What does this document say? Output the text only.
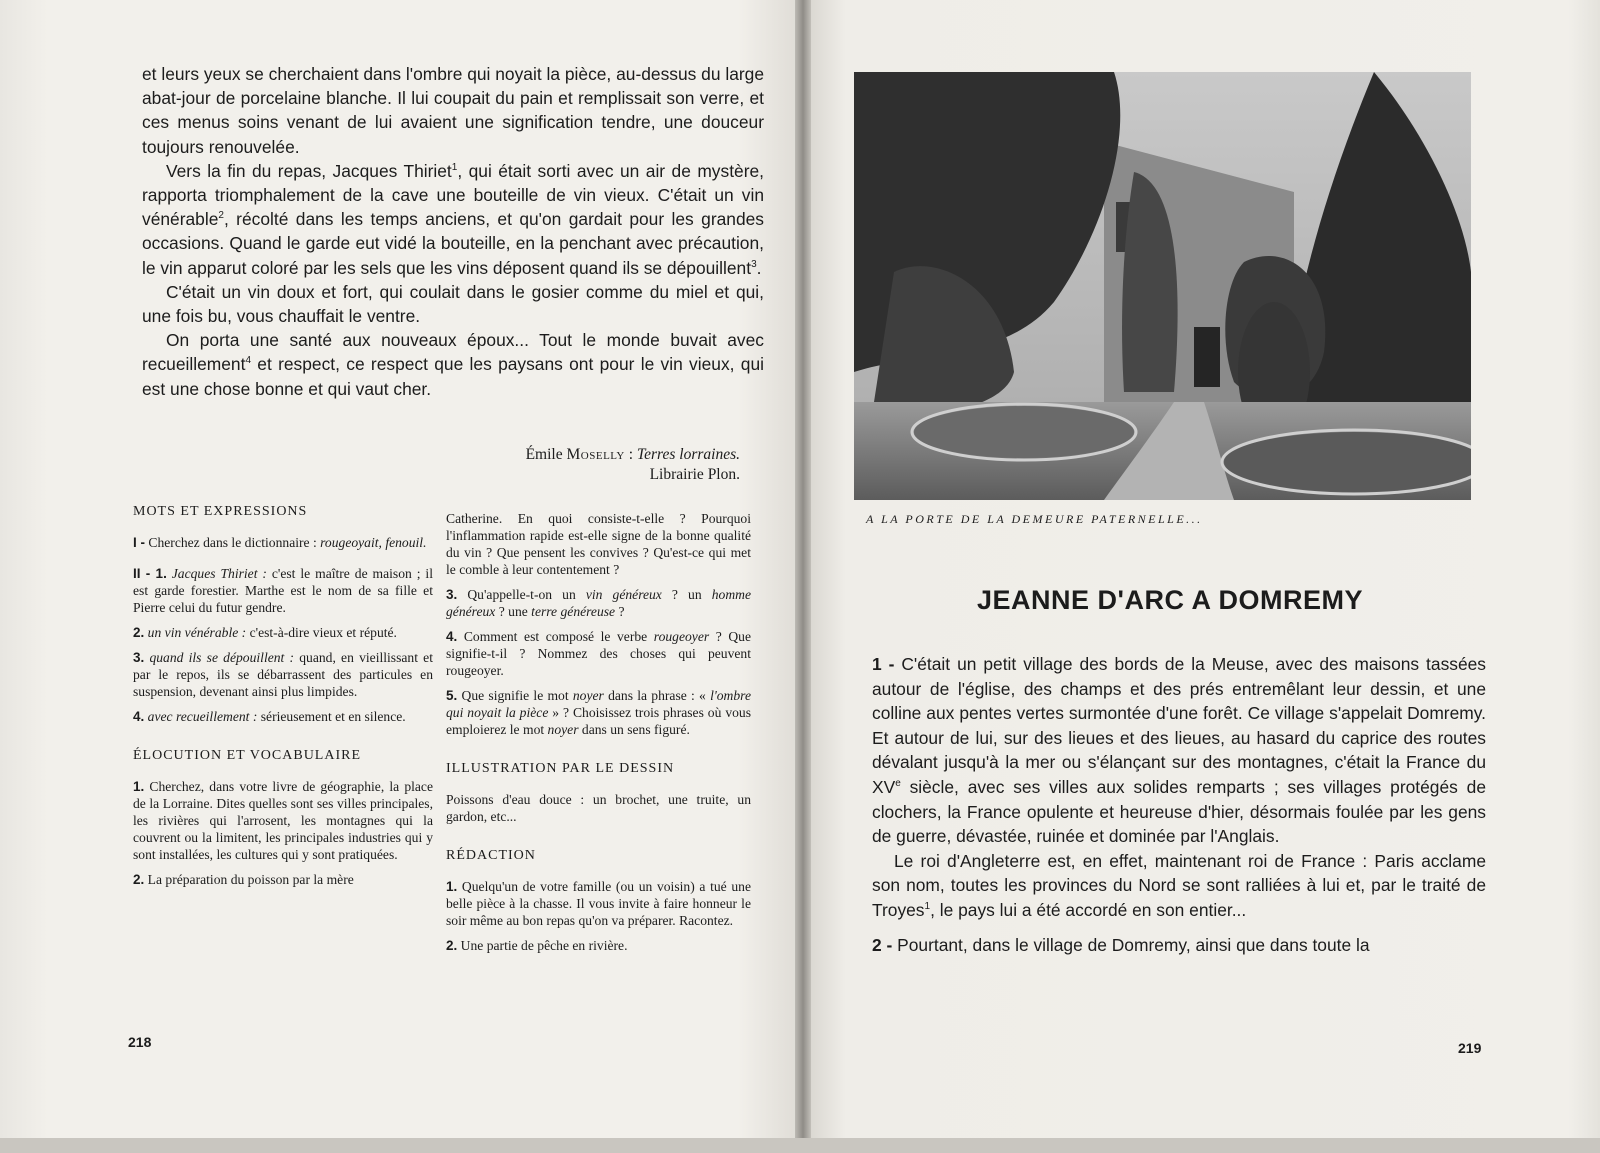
et leurs yeux se cherchaient dans l'ombre qui noyait la pièce, au-dessus du large abat-jour de porcelaine blanche. Il lui coupait du pain et remplissait son verre, et ces menus soins venant de lui avaient une signification tendre, une douceur toujours renouvelée.

Vers la fin du repas, Jacques Thiriet$^1$, qui était sorti avec un air de mystère, rapporta triomphalement de la cave une bouteille de vin vieux. C'était un vin vénérable$^2$, récolté dans les temps anciens, et qu'on gardait pour les grandes occasions. Quand le garde eut vidé la bouteille, en la penchant avec précaution, le vin apparut coloré par les sels que les vins déposent quand ils se dépouillent$^3$.

C'était un vin doux et fort, qui coulait dans le gosier comme du miel et qui, une fois bu, vous chauffait le ventre.

On porta une santé aux nouveaux époux... Tout le monde buvait avec recueillement$^4$ et respect, ce respect que les paysans ont pour le vin vieux, qui est une chose bonne et qui vaut cher.

Émile Moselly : Terres lorraines.
Librairie Plon.
MOTS ET EXPRESSIONS
I - Cherchez dans le dictionnaire : rougeoyait, fenouil.
II - 1. Jacques Thiriet : c'est le maître de maison ; il est garde forestier. Marthe est le nom de sa fille et Pierre celui du futur gendre.
2. un vin vénérable : c'est-à-dire vieux et réputé.
3. quand ils se dépouillent : quand, en vieillissant et par le repos, ils se débarrassent des particules en suspension, devenant ainsi plus limpides.
4. avec recueillement : sérieusement et en silence.
ÉLOCUTION ET VOCABULAIRE
1. Cherchez, dans votre livre de géographie, la place de la Lorraine. Dites quelles sont ses villes principales, les rivières qui l'arrosent, les montagnes qui la couvrent ou la limitent, les principales industries qui y sont installées, les cultures qui y sont pratiquées.
2. La préparation du poisson par la mère
Catherine. En quoi consiste-t-elle ? Pourquoi l'inflammation rapide est-elle signe de la bonne qualité du vin ? Que pensent les convives ? Qu'est-ce qui met le comble à leur contentement ?
3. Qu'appelle-t-on un vin généreux ? un homme généreux ? une terre généreuse ?
4. Comment est composé le verbe rougeoyer ? Que signifie-t-il ? Nommez des choses qui peuvent rougeoyer.
5. Que signifie le mot noyer dans la phrase : « l'ombre qui noyait la pièce » ? Choisissez trois phrases où vous emploierez le mot noyer dans un sens figuré.
ILLUSTRATION PAR LE DESSIN
Poissons d'eau douce : un brochet, une truite, un gardon, etc...
RÉDACTION
1. Quelqu'un de votre famille (ou un voisin) a tué une belle pièce à la chasse. Il vous invite à faire honneur le soir même au bon repas qu'on va préparer. Racontez.
2. Une partie de pêche en rivière.
218
A LA PORTE DE LA DEMEURE PATERNELLE...
JEANNE D'ARC A DOMREMY

1 - C'était un petit village des bords de la Meuse, avec des maisons tassées autour de l'église, des champs et des prés entremêlant leur dessin, et une colline aux pentes vertes surmontée d'une forêt. Ce village s'appelait Domremy. Et autour de lui, sur des lieues et des lieues, au hasard du caprice des routes dévalant jusqu'à la mer ou s'élançant sur des montagnes, c'était la France du XVe siècle, avec ses villes aux solides remparts ; ses villages protégés de clochers, la France opulente et heureuse d'hier, désormais foulée par les gens de guerre, dévastée, ruinée et dominée par l'Anglais.

Le roi d'Angleterre est, en effet, maintenant roi de France : Paris acclame son nom, toutes les provinces du Nord se sont ralliées à lui et, par le traité de Troyes$^1$, le pays lui a été accordé en son entier...

2 - Pourtant, dans le village de Domremy, ainsi que dans toute la

219
